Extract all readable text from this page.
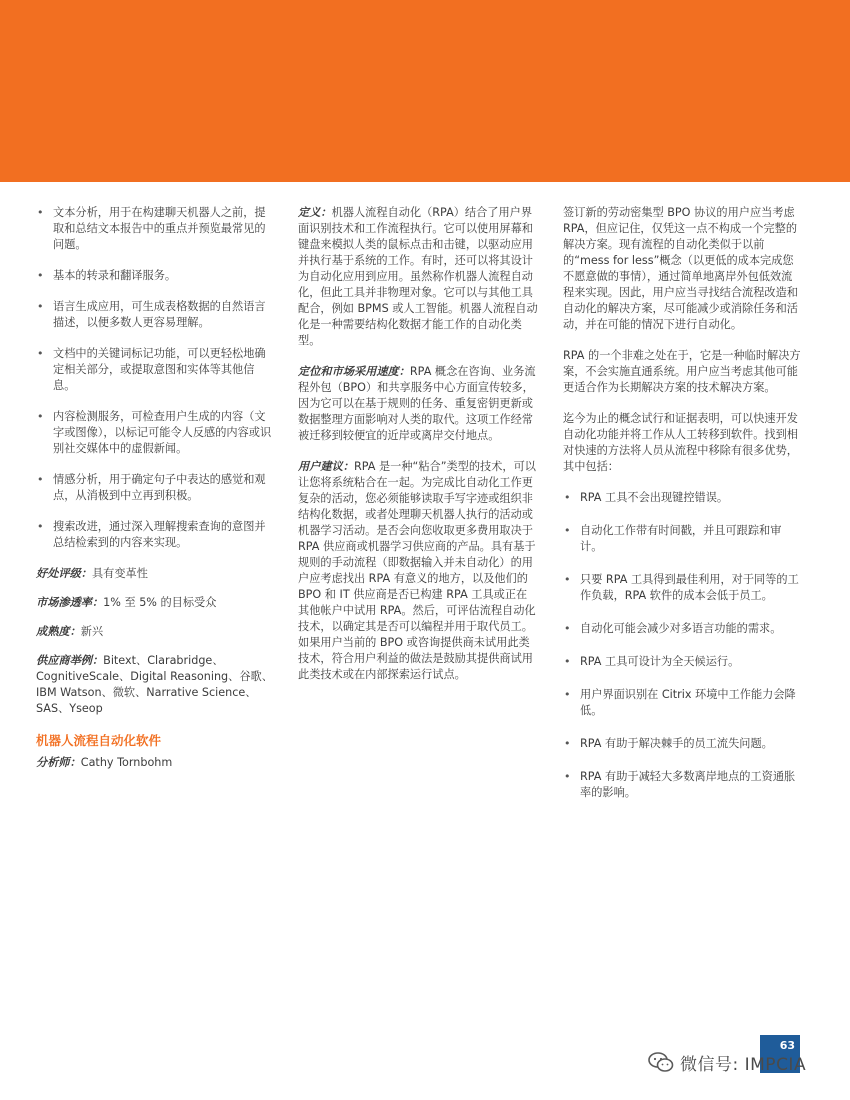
• 文本分析，用于在构建聊天机器人之前，提取和总结文本报告中的重点并预览最常见的问题。
• 基本的转录和翻译服务。
• 语言生成应用，可生成表格数据的自然语言描述，以便多数人更容易理解。
• 文档中的关键词标记功能，可以更轻松地确定相关部分，或提取意图和实体等其他信息。
• 内容检测服务，可检查用户生成的内容（文字或图像），以标记可能令人反感的内容或识别社交媒体中的虚假新闻。
• 情感分析，用于确定句子中表达的感觉和观点，从消极到中立再到积极。
• 搜索改进，通过深入理解搜索查询的意图并总结检索到的内容来实现。

好处评级：具有变革性

市场渗透率：1% 至 5% 的目标受众

成熟度：新兴

供应商举例：Bitext、Clarabridge、CognitiveScale、Digital Reasoning、谷歌、IBM Watson、微软、Narrative Science、SAS、Yseop

机器人流程自动化软件

分析师：Cathy Tornbohm

定义：机器人流程自动化（RPA）结合了用户界面识别技术和工作流程执行。它可以使用屏幕和键盘来模拟人类的鼠标点击和击键，以驱动应用并执行基于系统的工作。有时，还可以将其设计为自动化应用到应用。虽然称作机器人流程自动化，但此工具并非物理对象。它可以与其他工具配合，例如 BPMS 或人工智能。机器人流程自动化是一种需要结构化数据才能工作的自动化类型。

定位和市场采用速度：RPA 概念在咨询、业务流程外包（BPO）和共享服务中心方面宣传较多，因为它可以在基于规则的任务、重复密钥更新或数据整理方面影响对人类的取代。这项工作经常被迁移到较便宜的近岸或离岸交付地点。

用户建议：RPA 是一种“粘合”类型的技术，可以让您将系统粘合在一起。为完成比自动化工作更复杂的活动，您必须能够读取手写字迹或组织非结构化数据，或者处理聊天机器人执行的活动或机器学习活动。是否会向您收取更多费用取决于 RPA 供应商或机器学习供应商的产品。具有基于规则的手动流程（即数据输入并未自动化）的用户应考虑找出 RPA 有意义的地方，以及他们的 BPO 和 IT 供应商是否已构建 RPA 工具或正在其他帐户中试用 RPA。然后，可评估流程自动化技术，以确定其是否可以编程并用于取代员工。如果用户当前的 BPO 或咨询提供商未试用此类技术，符合用户利益的做法是鼓励其提供商试用此类技术或在内部探索运行试点。

签订新的劳动密集型 BPO 协议的用户应当考虑 RPA，但应记住，仅凭这一点不构成一个完整的解决方案。现有流程的自动化类似于以前的“mess for less”概念（以更低的成本完成您不愿意做的事情），通过简单地离岸外包低效流程来实现。因此，用户应当寻找结合流程改造和自动化的解决方案，尽可能减少或消除任务和活动，并在可能的情况下进行自动化。

RPA 的一个非难之处在于，它是一种临时解决方案，不会实施直通系统。用户应当考虑其他可能更适合作为长期解决方案的技术解决方案。

迄今为止的概念试行和证据表明，可以快速开发自动化功能并将工作从人工转移到软件。找到相对快速的方法将人员从流程中移除有很多优势，其中包括：

• RPA 工具不会出现键控错误。
• 自动化工作带有时间戳，并且可跟踪和审计。
• 只要 RPA 工具得到最佳利用，对于同等的工作负载，RPA 软件的成本会低于员工。
• 自动化可能会减少对多语言功能的需求。
• RPA 工具可设计为全天候运行。
• 用户界面识别在 Citrix 环境中工作能力会降低。
• RPA 有助于解决棘手的员工流失问题。
• RPA 有助于减轻大多数离岸地点的工资通胀率的影响。
63
微信号: IMPCIA
